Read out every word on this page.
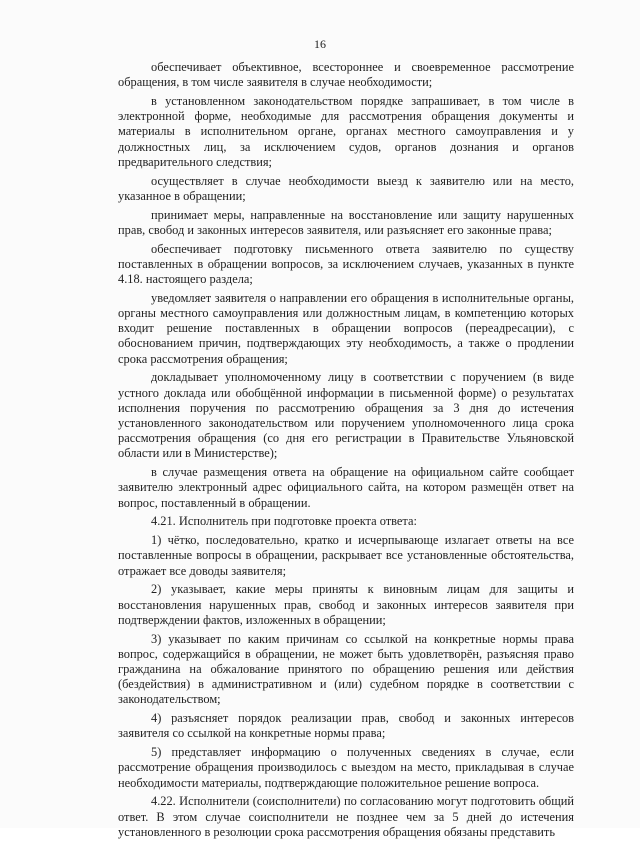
16

обеспечивает объективное, всестороннее и своевременное рассмотрение обращения, в том числе заявителя в случае необходимости;

в установленном законодательством порядке запрашивает, в том числе в электронной форме, необходимые для рассмотрения обращения документы и материалы в исполнительном органе, органах местного самоуправления и у должностных лиц, за исключением судов, органов дознания и органов предварительного следствия;

осуществляет в случае необходимости выезд к заявителю или на место, указанное в обращении;

принимает меры, направленные на восстановление или защиту нарушенных прав, свобод и законных интересов заявителя, или разъясняет его законные права;

обеспечивает подготовку письменного ответа заявителю по существу поставленных в обращении вопросов, за исключением случаев, указанных в пункте 4.18. настоящего раздела;

уведомляет заявителя о направлении его обращения в исполнительные органы, органы местного самоуправления или должностным лицам, в компетенцию которых входит решение поставленных в обращении вопросов (переадресации), с обоснованием причин, подтверждающих эту необходимость, а также о продлении срока рассмотрения обращения;

докладывает уполномоченному лицу в соответствии с поручением (в виде устного доклада или обобщённой информации в письменной форме) о результатах исполнения поручения по рассмотрению обращения за 3 дня до истечения установленного законодательством или поручением уполномоченного лица срока рассмотрения обращения (со дня его регистрации в Правительстве Ульяновской области или в Министерстве);

в случае размещения ответа на обращение на официальном сайте сообщает заявителю электронный адрес официального сайта, на котором размещён ответ на вопрос, поставленный в обращении.

4.21. Исполнитель при подготовке проекта ответа:

1) чётко, последовательно, кратко и исчерпывающе излагает ответы на все поставленные вопросы в обращении, раскрывает все установленные обстоятельства, отражает все доводы заявителя;

2) указывает, какие меры приняты к виновным лицам для защиты и восстановления нарушенных прав, свобод и законных интересов заявителя при подтверждении фактов, изложенных в обращении;

3) указывает по каким причинам со ссылкой на конкретные нормы права вопрос, содержащийся в обращении, не может быть удовлетворён, разъясняя право гражданина на обжалование принятого по обращению решения или действия (бездействия) в административном и (или) судебном порядке в соответствии с законодательством;

4) разъясняет порядок реализации прав, свобод и законных интересов заявителя со ссылкой на конкретные нормы права;

5) представляет информацию о полученных сведениях в случае, если рассмотрение обращения производилось с выездом на место, прикладывая в случае необходимости материалы, подтверждающие положительное решение вопроса.

4.22. Исполнители (соисполнители) по согласованию могут подготовить общий ответ. В этом случае соисполнители не позднее чем за 5 дней до истечения установленного в резолюции срока рассмотрения обращения обязаны представить
